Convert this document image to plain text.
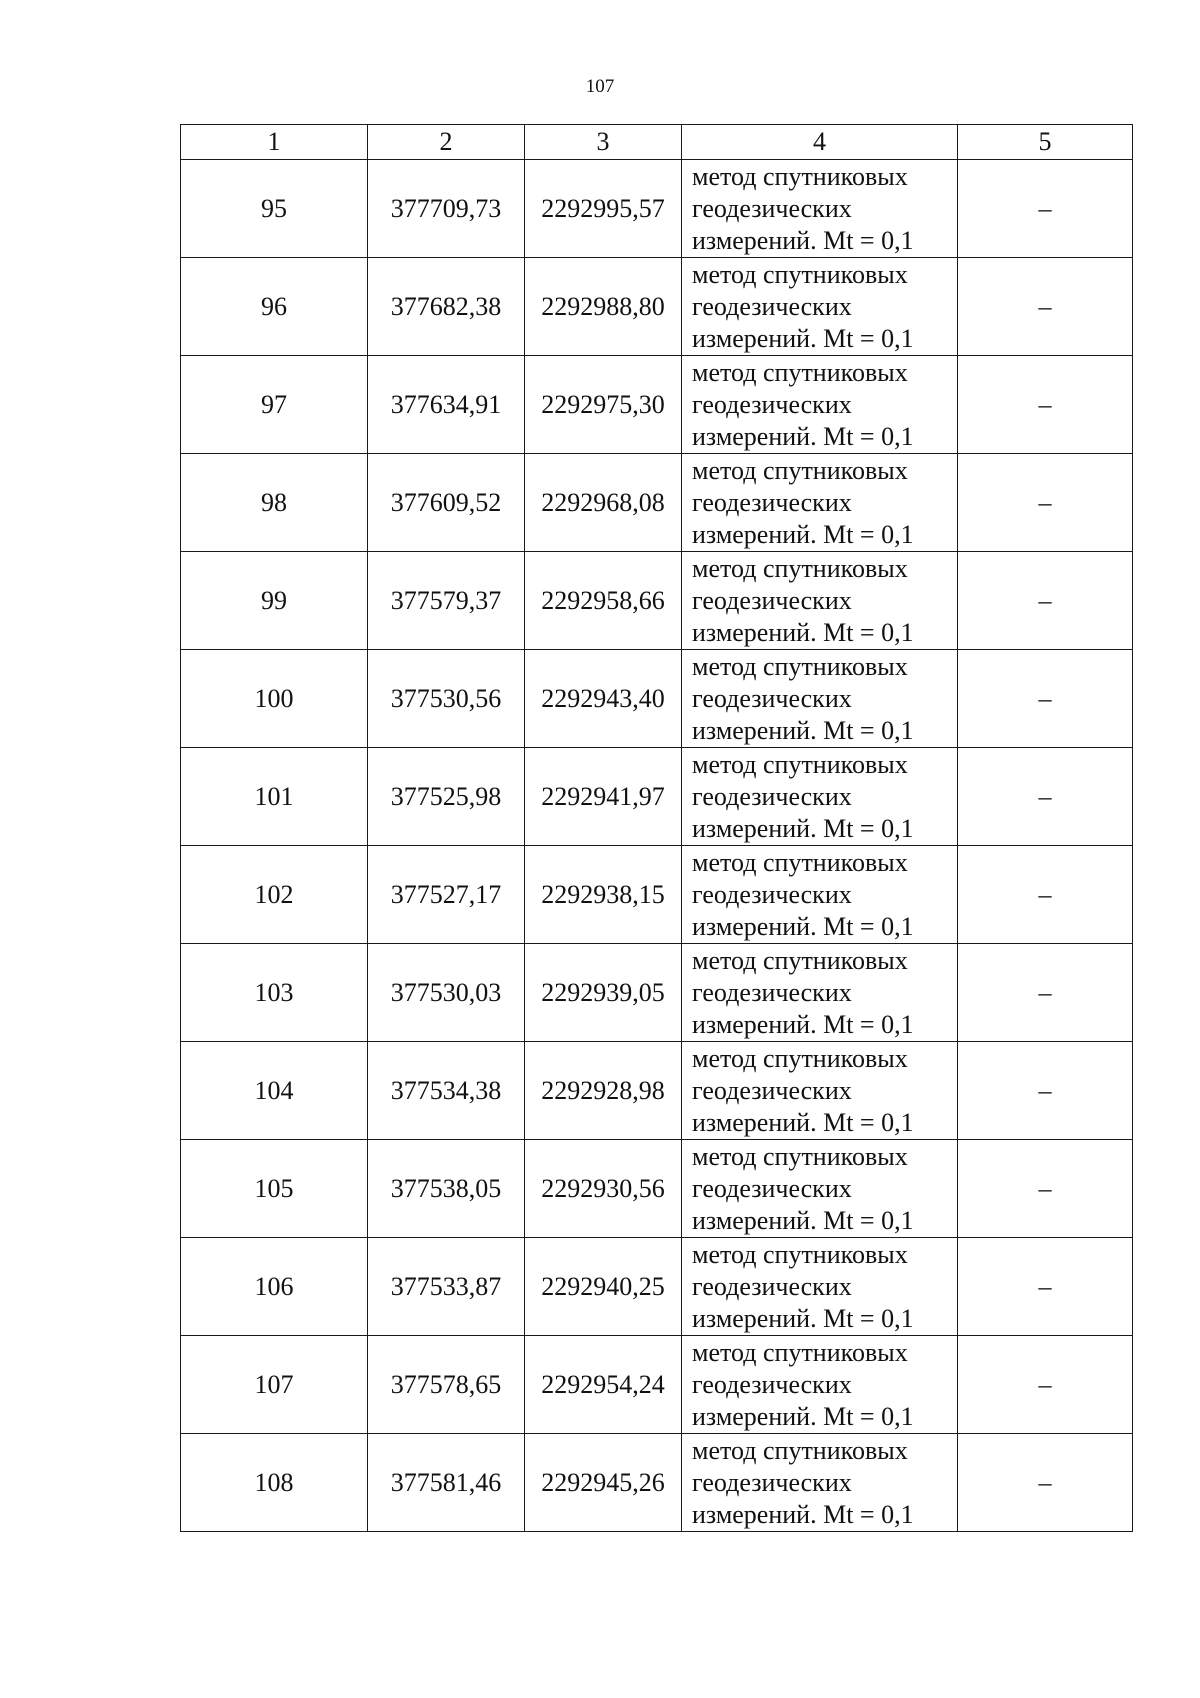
107
1	2	3	4	5
95	377709,73	2292995,57	метод спутниковых
геодезических
измерений. Mt = 0,1	–
96	377682,38	2292988,80	метод спутниковых
геодезических
измерений. Mt = 0,1	–
97	377634,91	2292975,30	метод спутниковых
геодезических
измерений. Mt = 0,1	–
98	377609,52	2292968,08	метод спутниковых
геодезических
измерений. Mt = 0,1	–
99	377579,37	2292958,66	метод спутниковых
геодезических
измерений. Mt = 0,1	–
100	377530,56	2292943,40	метод спутниковых
геодезических
измерений. Mt = 0,1	–
101	377525,98	2292941,97	метод спутниковых
геодезических
измерений. Mt = 0,1	–
102	377527,17	2292938,15	метод спутниковых
геодезических
измерений. Mt = 0,1	–
103	377530,03	2292939,05	метод спутниковых
геодезических
измерений. Mt = 0,1	–
104	377534,38	2292928,98	метод спутниковых
геодезических
измерений. Mt = 0,1	–
105	377538,05	2292930,56	метод спутниковых
геодезических
измерений. Mt = 0,1	–
106	377533,87	2292940,25	метод спутниковых
геодезических
измерений. Mt = 0,1	–
107	377578,65	2292954,24	метод спутниковых
геодезических
измерений. Mt = 0,1	–
108	377581,46	2292945,26	метод спутниковых
геодезических
измерений. Mt = 0,1	–
